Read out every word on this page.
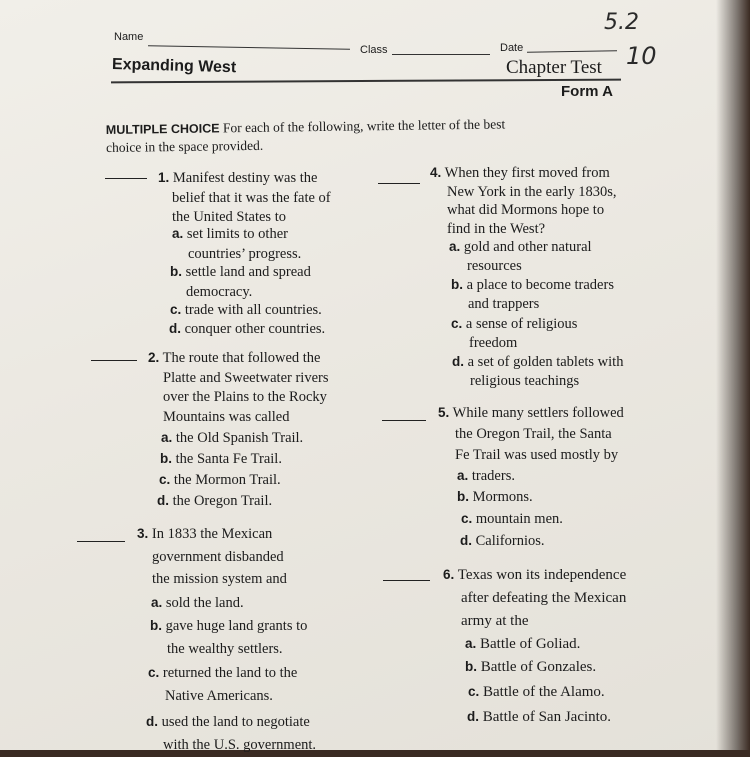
Name
Class	Date
5.2
10
Expanding West	Chapter Test
Form A
MULTIPLE CHOICE For each of the following, write the letter of the best
choice in the space provided.
1. Manifest destiny was the
belief that it was the fate of
the United States to
a. set limits to other
countries’ progress.
b. settle land and spread
democracy.
c. trade with all countries.
d. conquer other countries.
2. The route that followed the
Platte and Sweetwater rivers
over the Plains to the Rocky
Mountains was called
a. the Old Spanish Trail.
b. the Santa Fe Trail.
c. the Mormon Trail.
d. the Oregon Trail.
3. In 1833 the Mexican
government disbanded
the mission system and
a. sold the land.
b. gave huge land grants to
the wealthy settlers.
c. returned the land to the
Native Americans.
d. used the land to negotiate
with the U.S. government.
4. When they first moved from
New York in the early 1830s,
what did Mormons hope to
find in the West?
a. gold and other natural
resources
b. a place to become traders
and trappers
c. a sense of religious
freedom
d. a set of golden tablets with
religious teachings
5. While many settlers followed
the Oregon Trail, the Santa
Fe Trail was used mostly by
a. traders.
b. Mormons.
c. mountain men.
d. Californios.
6. Texas won its independence
after defeating the Mexican
army at the
a. Battle of Goliad.
b. Battle of Gonzales.
c. Battle of the Alamo.
d. Battle of San Jacinto.
